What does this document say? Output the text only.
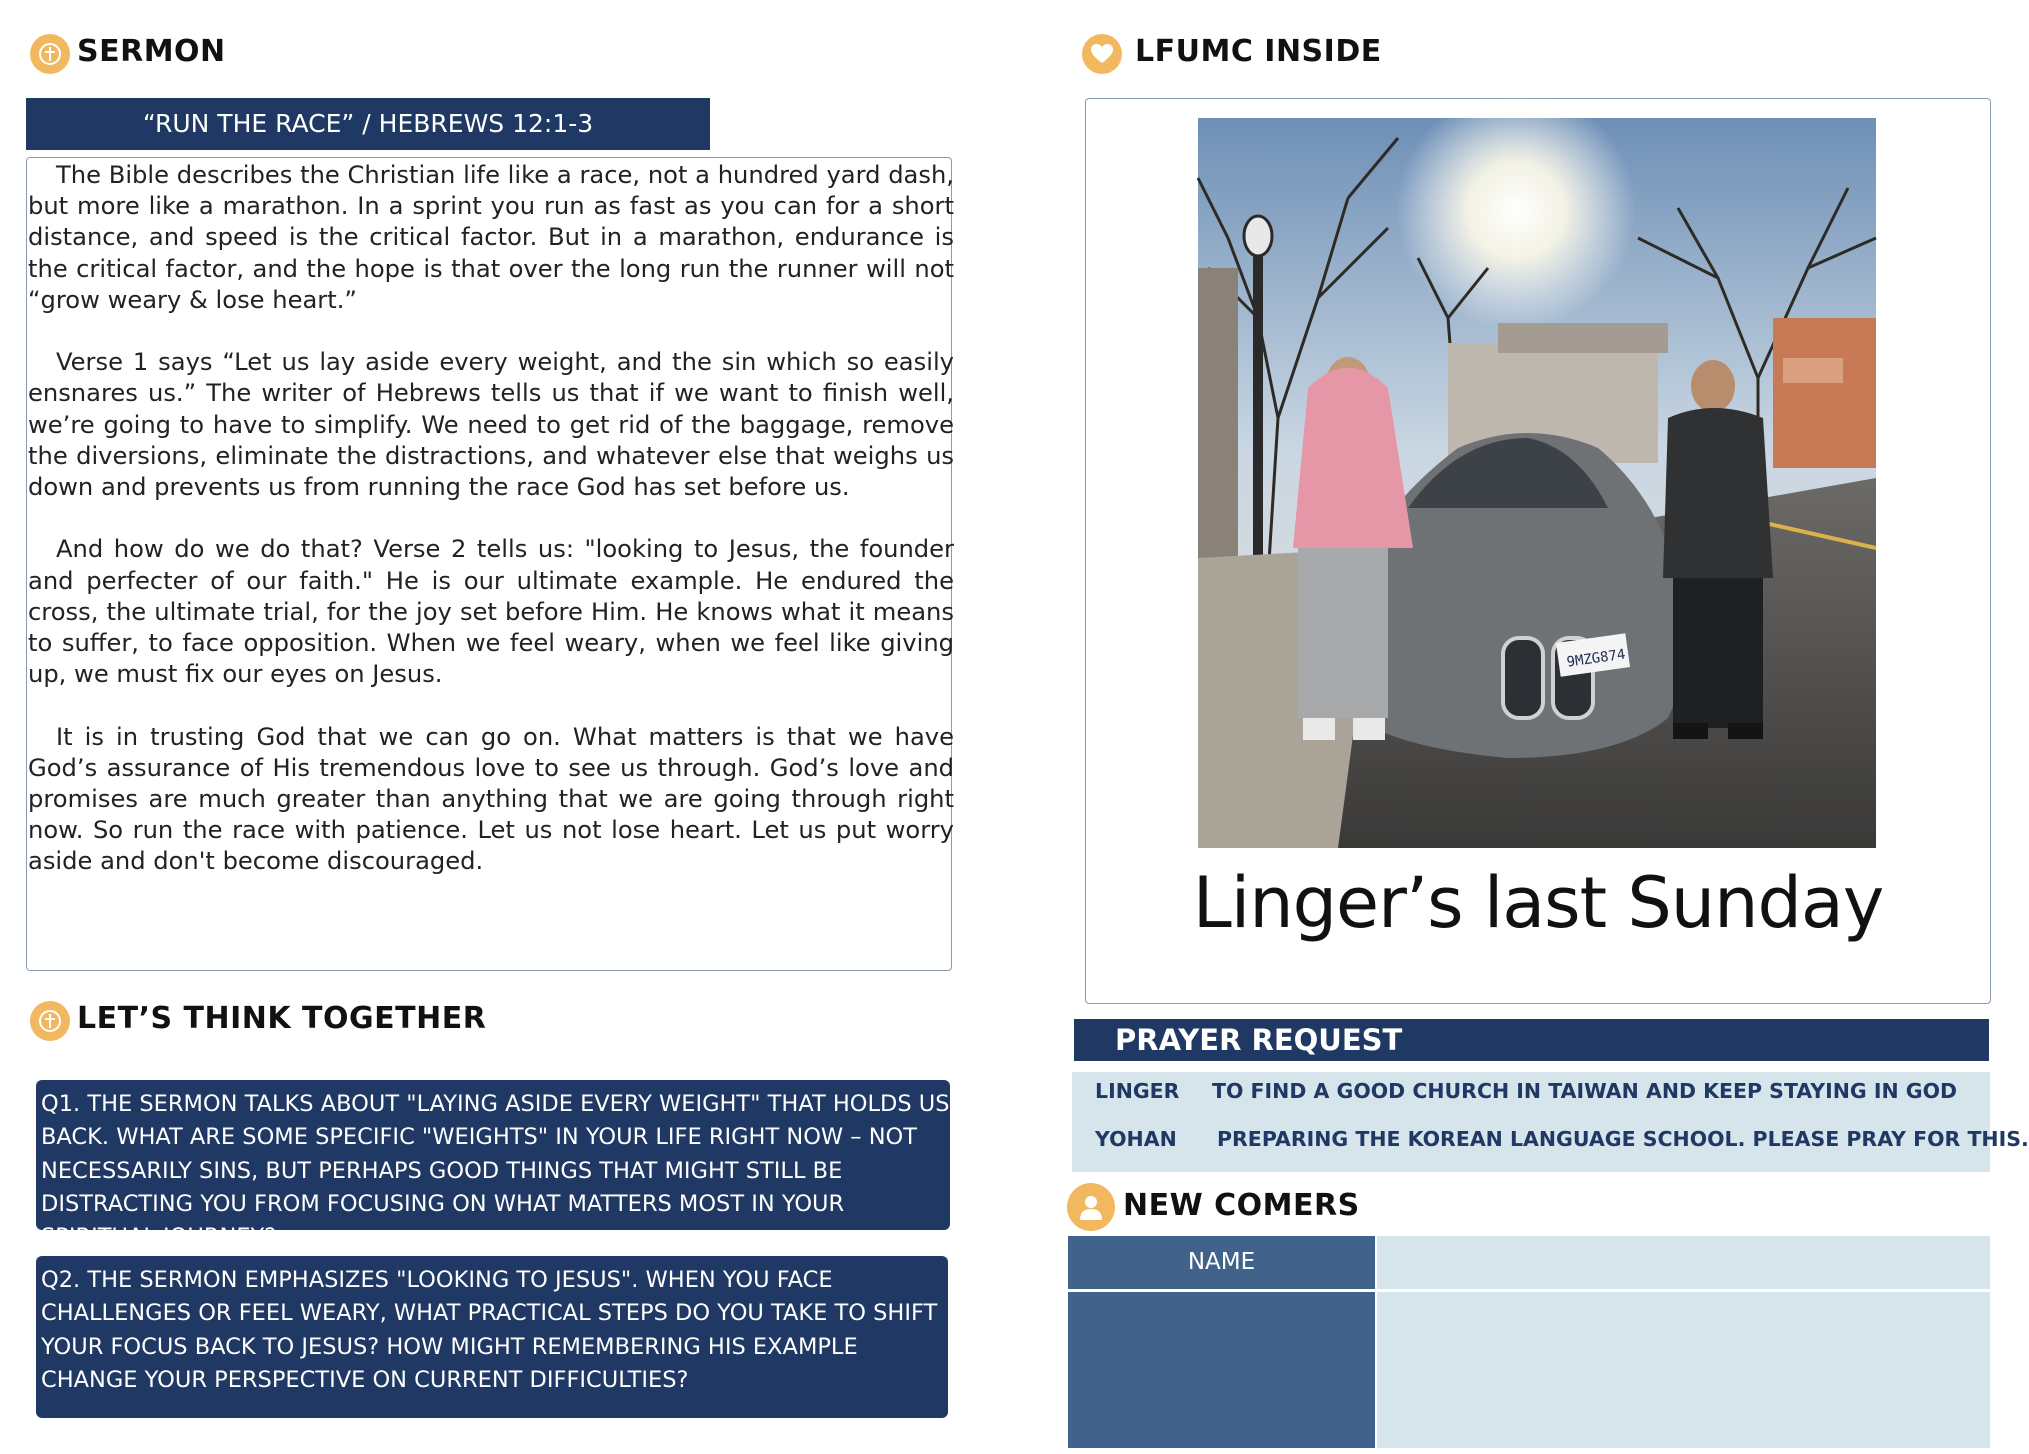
SERMON
“RUN THE RACE” / HEBREWS 12:1-3

The Bible describes the Christian life like a race, not a hundred yard dash, but more like a marathon. In a sprint you run as fast as you can for a short distance, and speed is the critical factor. But in a marathon, endurance is the critical factor, and the hope is that over the long run the runner will not “grow weary & lose heart.”

Verse 1 says “Let us lay aside every weight, and the sin which so easily ensnares us.” The writer of Hebrews tells us that if we want to finish well, we’re going to have to simplify. We need to get rid of the baggage, remove the diversions, eliminate the distractions, and whatever else that weighs us down and prevents us from running the race God has set before us.

And how do we do that? Verse 2 tells us: "looking to Jesus, the founder and perfecter of our faith." He is our ultimate example. He endured the cross, the ultimate trial, for the joy set before Him. He knows what it means to suffer, to face opposition. When we feel weary, when we feel like giving up, we must fix our eyes on Jesus.

It is in trusting God that we can go on. What matters is that we have God’s assurance of His tremendous love to see us through. God’s love and promises are much greater than anything that we are going through right now. So run the race with patience. Let us not lose heart. Let us put worry aside and don't become discouraged.

LET’S THINK TOGETHER
Q1. THE SERMON TALKS ABOUT "LAYING ASIDE EVERY WEIGHT" THAT HOLDS US BACK. WHAT ARE SOME SPECIFIC "WEIGHTS" IN YOUR LIFE RIGHT NOW – NOT NECESSARILY SINS, BUT PERHAPS GOOD THINGS THAT MIGHT STILL BE DISTRACTING YOU FROM FOCUSING ON WHAT MATTERS MOST IN YOUR SPIRITUAL JOURNEY?
Q2. THE SERMON EMPHASIZES "LOOKING TO JESUS". WHEN YOU FACE CHALLENGES OR FEEL WEARY, WHAT PRACTICAL STEPS DO YOU TAKE TO SHIFT YOUR FOCUS BACK TO JESUS? HOW MIGHT REMEMBERING HIS EXAMPLE CHANGE YOUR PERSPECTIVE ON CURRENT DIFFICULTIES?
LFUMC INSIDE
9MZG874
Linger’s last Sunday
PRAYER REQUEST
LINGER TO FIND A GOOD CHURCH IN TAIWAN AND KEEP STAYING IN GOD
YOHAN PREPARING THE KOREAN LANGUAGE SCHOOL. PLEASE PRAY FOR THIS.
NEW COMERS
NAME
